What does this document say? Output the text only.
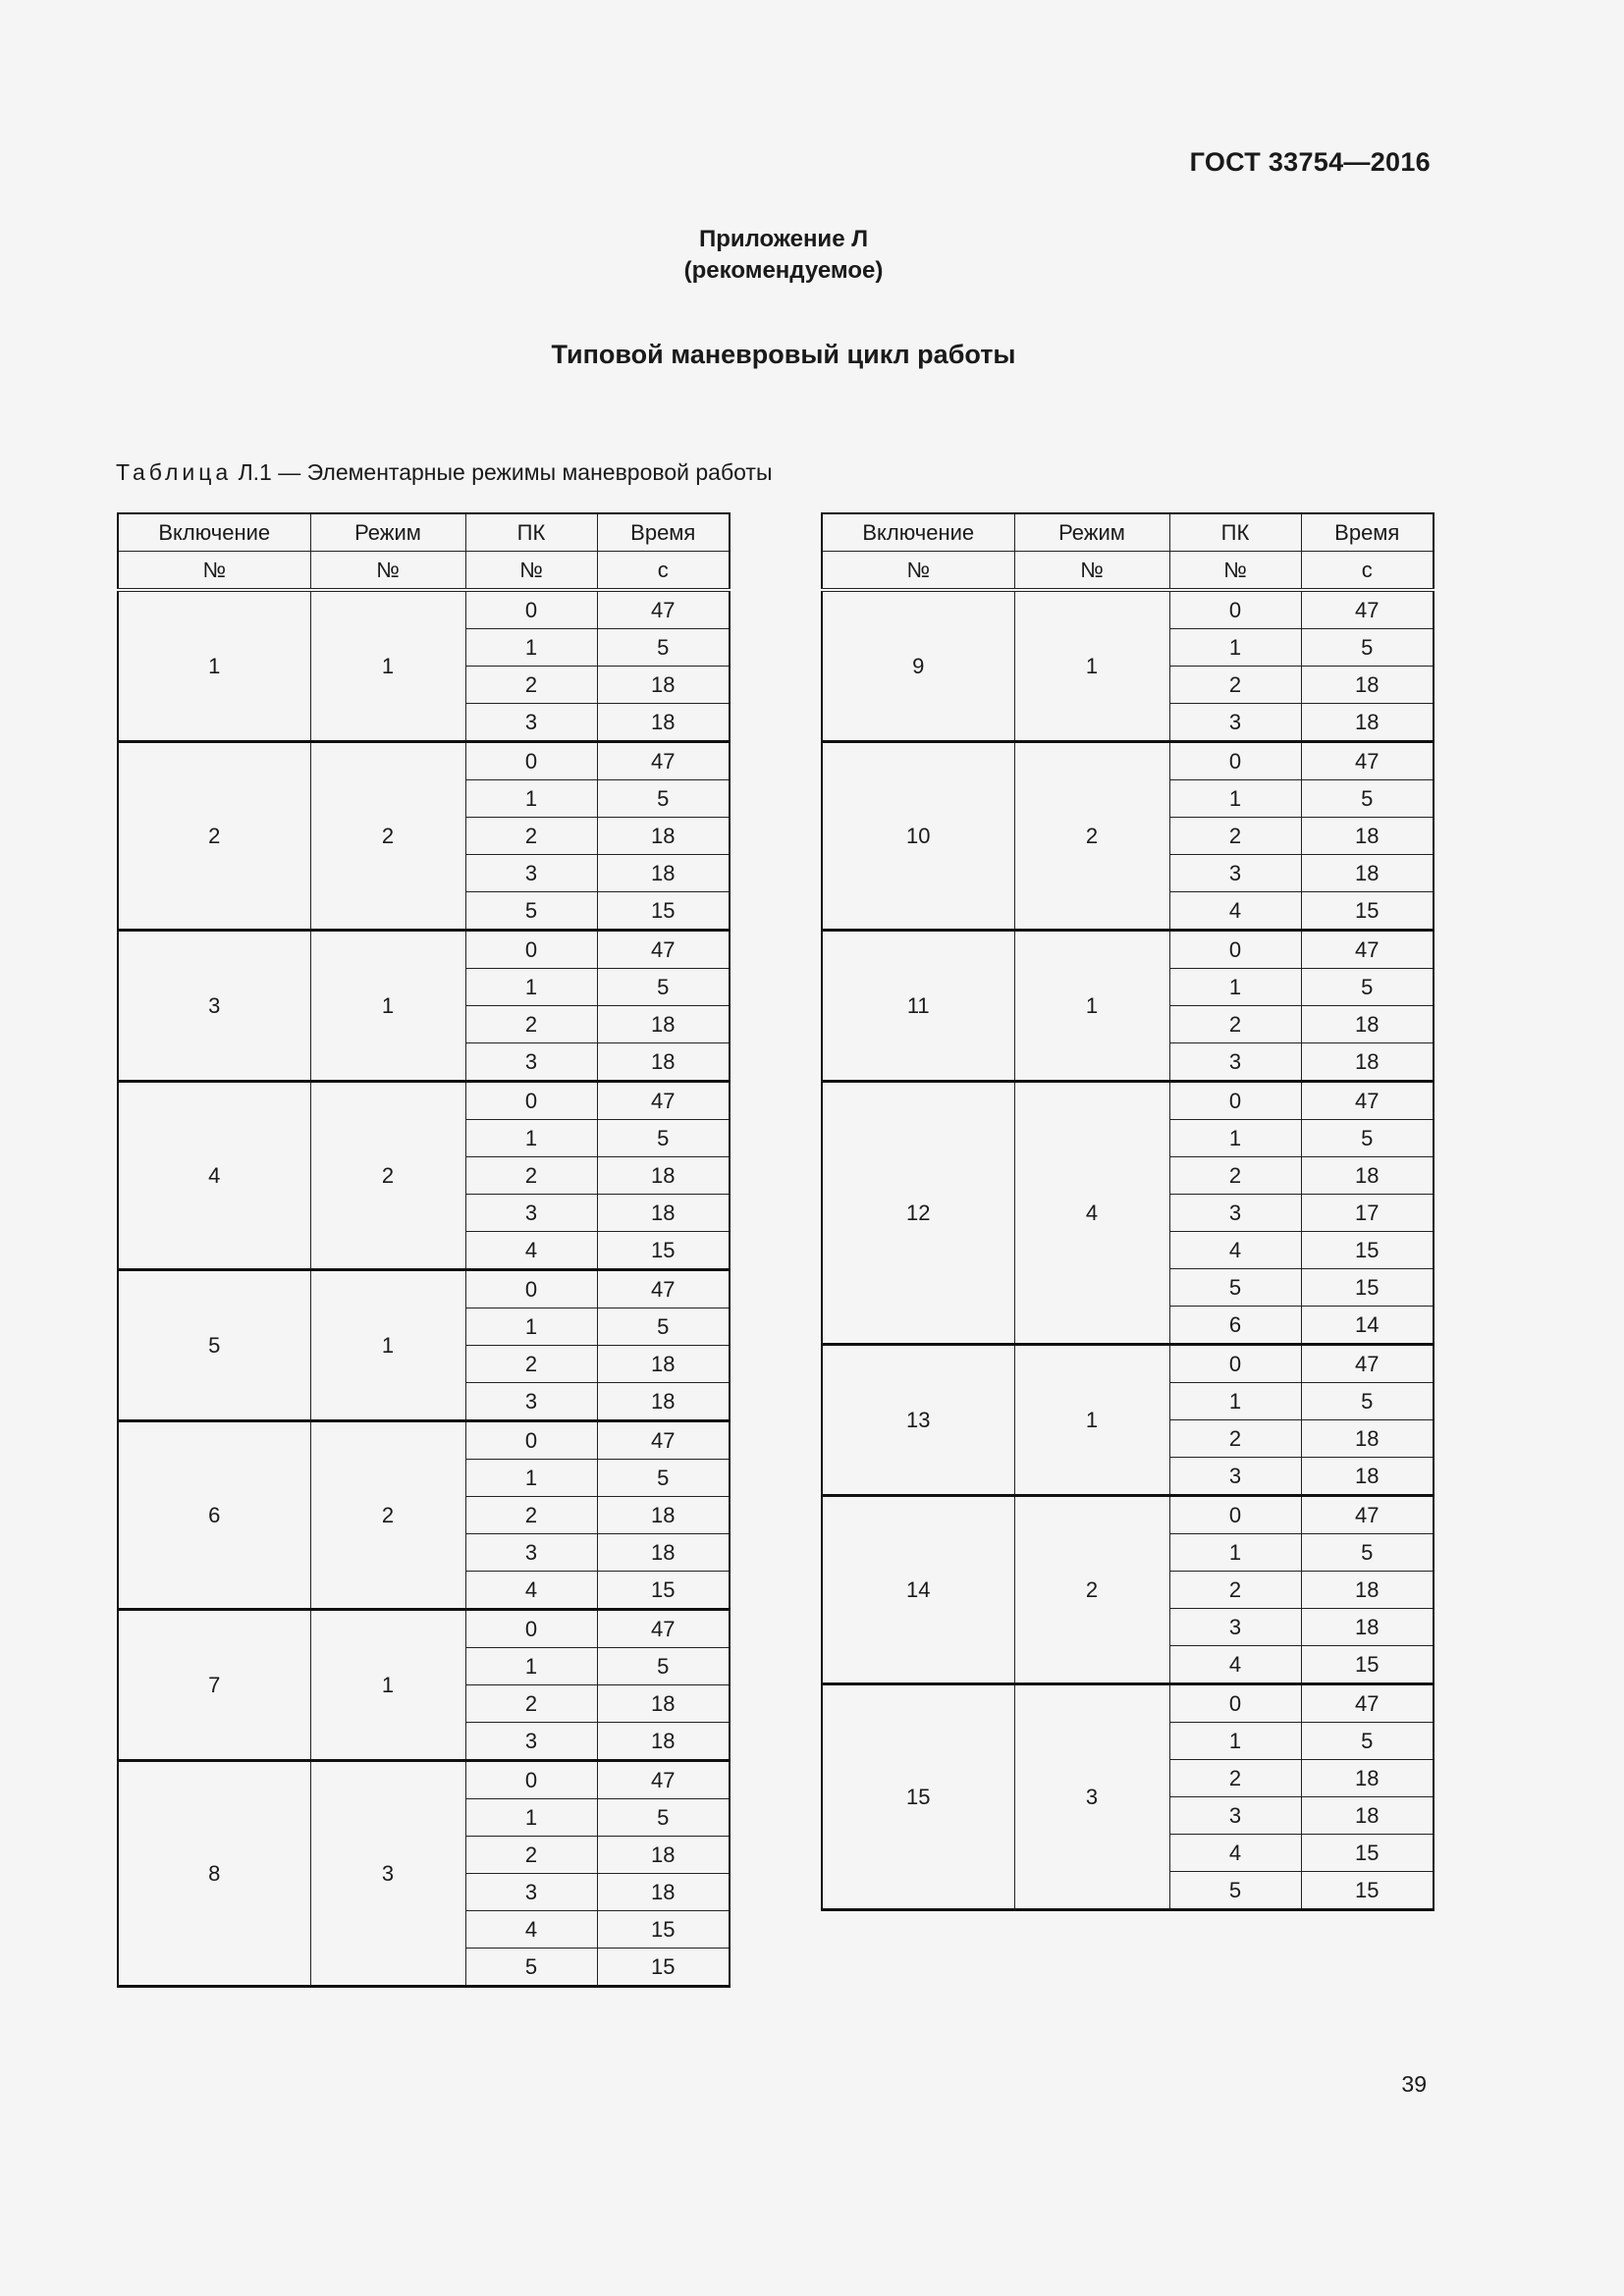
ГОСТ 33754—2016
Приложение Л
(рекомендуемое)
Типовой маневровый цикл работы
Таблица Л.1 — Элементарные режимы маневровой работы
Включение	Режим	ПК	Время
№	№	№	с
1	1	0	47
		1	5
		2	18
		3	18
2	2	0	47
		1	5
		2	18
		3	18
		5	15
3	1	0	47
		1	5
		2	18
		3	18
4	2	0	47
		1	5
		2	18
		3	18
		4	15
5	1	0	47
		1	5
		2	18
		3	18
6	2	0	47
		1	5
		2	18
		3	18
		4	15
7	1	0	47
		1	5
		2	18
		3	18
8	3	0	47
		1	5
		2	18
		3	18
		4	15
		5	15
Включение	Режим	ПК	Время
№	№	№	с
9	1	0	47
		1	5
		2	18
		3	18
10	2	0	47
		1	5
		2	18
		3	18
		4	15
11	1	0	47
		1	5
		2	18
		3	18
12	4	0	47
		1	5
		2	18
		3	17
		4	15
		5	15
		6	14
13	1	0	47
		1	5
		2	18
		3	18
14	2	0	47
		1	5
		2	18
		3	18
		4	15
15	3	0	47
		1	5
		2	18
		3	18
		4	15
		5	15
39
